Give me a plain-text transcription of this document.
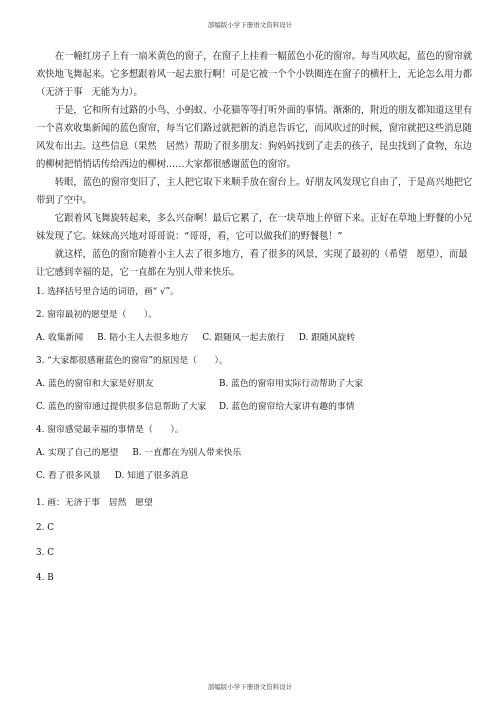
部编版小学下册语文资料设计

在一幢红房子上有一扇米黄色的窗子，在窗子上挂着一幅蓝色小花的窗帘。每当风吹起，蓝色的窗帘就欢快地飞舞起来。它多想跟着风一起去旅行啊！可是它被一个个小铁圈连在窗子的横杆上，无论怎么用力都（无济于事　无能为力）。

于是，它和所有过路的小鸟、小蚂蚁、小花猫等等打听外面的事情。渐渐的，附近的朋友都知道这里有一个喜欢收集新闻的蓝色窗帘，每当它们路过就把新的消息告诉它，而风吹过的时候，窗帘就把这些消息随风发布出去。这些信息（果然　居然）帮助了很多朋友：狗妈妈找到了走丢的孩子，昆虫找到了食物，东边的柳树把悄悄话传给西边的柳树……大家都很感谢蓝色的窗帘。

转眼，蓝色的窗帘变旧了，主人把它取下来顺手放在窗台上。好朋友风发现它自由了，于是高兴地把它带到了空中。

它跟着风飞舞旋转起来，多么兴奋啊！最后它累了，在一块草地上停留下来。正好在草地上野餐的小兄妹发现了它。妹妹高兴地对哥哥说：“哥哥，看，它可以做我们的野餐毯！”

就这样，蓝色的窗帘随着小主人去了很多地方，看了很多的风景，实现了最初的（希望　愿望），而最让它感到幸福的是，它一直都在为别人带来快乐。

1. 选择括号里合适的词语，画“ √”。

2. 窗帘最初的愿望是（　　）。

A. 收集新闻 B. 陪小主人去很多地方 C. 跟随风一起去旅行 D. 跟随风旋转

3. “大家都很感谢蓝色的窗帘”的原因是（　　）。

A. 蓝色的窗帘和大家是好朋友	B. 蓝色的窗帘用实际行动帮助了大家
C. 蓝色的窗帘通过提供很多信息帮助了大家	D. 蓝色的窗帘给大家讲有趣的事情

4. 窗帘感觉最幸福的事情是（　　）。

A. 实现了自己的愿望 B. 一直都在为别人带来快乐
C. 看了很多风景 D. 知道了很多消息

1. 画：无济于事　居然　愿望

2. C

3. C

4. B

部编版小学下册语文资料设计
